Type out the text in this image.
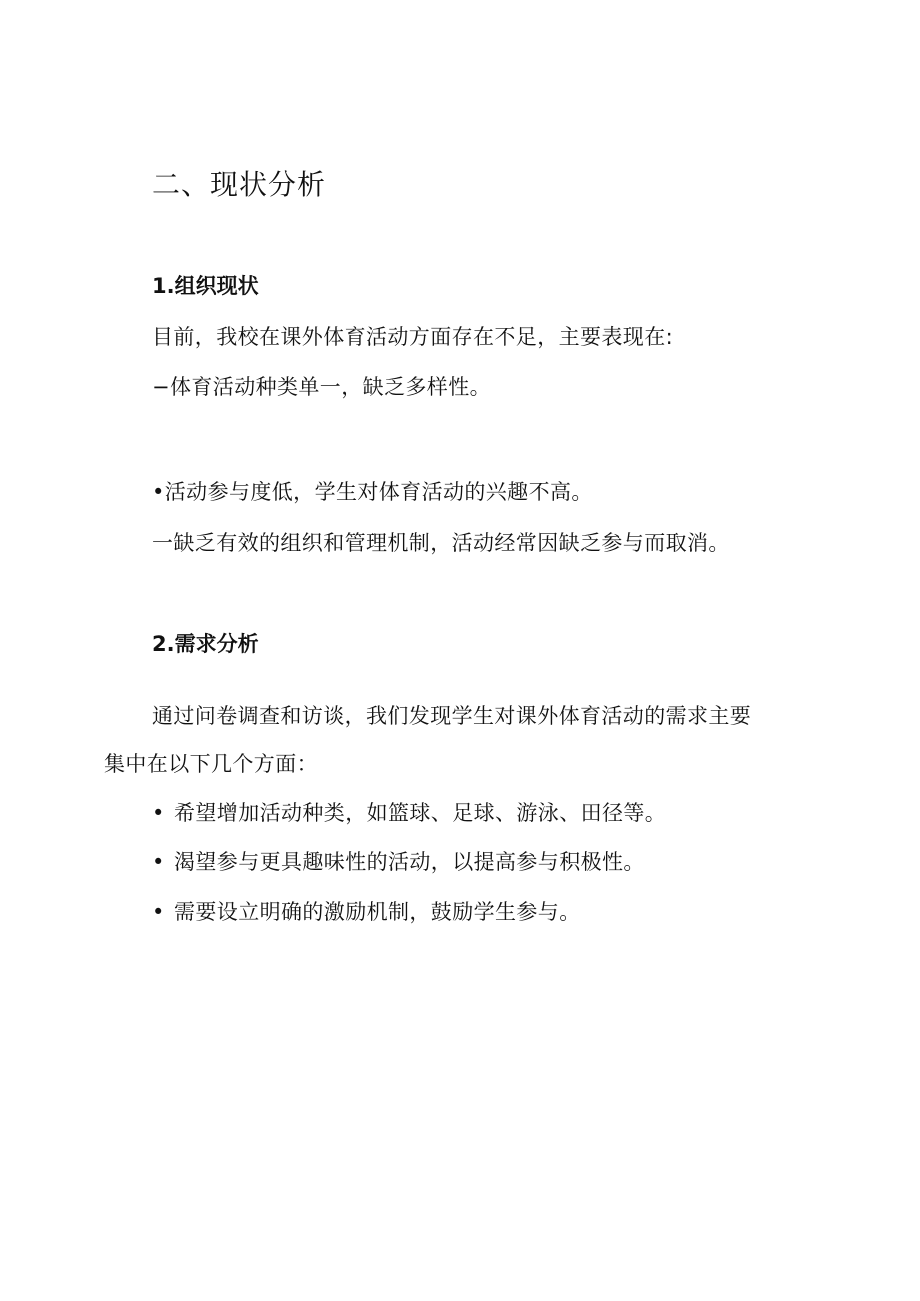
二、现状分析
1.组织现状
目前，我校在课外体育活动方面存在不足，主要表现在:
−体育活动种类单一，缺乏多样性。
•活动参与度低，学生对体育活动的兴趣不高。
一缺乏有效的组织和管理机制，活动经常因缺乏参与而取消。
2.需求分析
通过问卷调查和访谈，我们发现学生对课外体育活动的需求主要
集中在以下几个方面：
• 希望增加活动种类，如篮球、足球、游泳、田径等。
• 渴望参与更具趣味性的活动，以提高参与积极性。
• 需要设立明确的激励机制，鼓励学生参与。
